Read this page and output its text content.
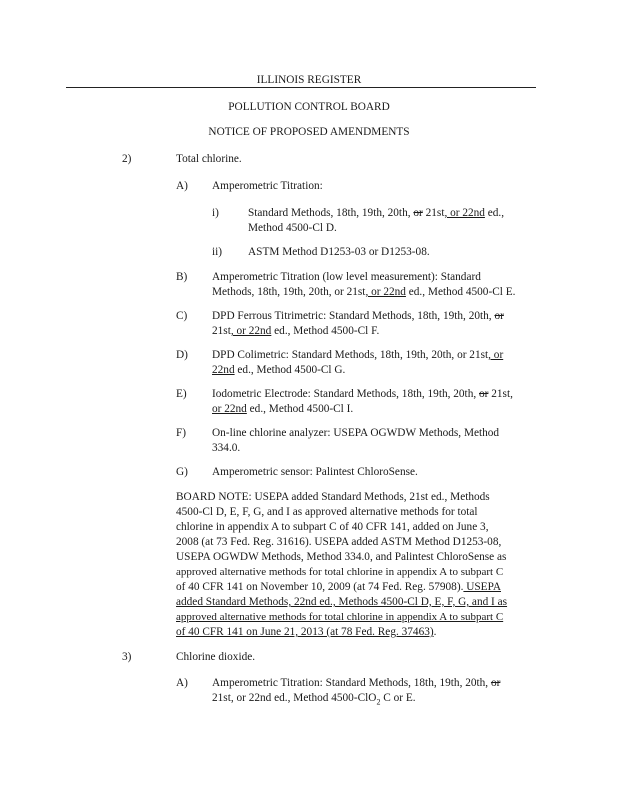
ILLINOIS REGISTER
POLLUTION CONTROL BOARD
NOTICE OF PROPOSED AMENDMENTS
2)	Total chlorine.
A) Amperometric Titration:
i)	Standard Methods, 18th, 19th, 20th, or 21st, or 22nd ed.,
Method 4500-Cl D.
ii) ASTM Method D1253-03 or D1253-08.
B) Amperometric Titration (low level measurement): Standard
Methods, 18th, 19th, 20th, or 21st, or 22nd ed., Method 4500-Cl E.
C) DPD Ferrous Titrimetric: Standard Methods, 18th, 19th, 20th, or
21st, or 22nd ed., Method 4500-Cl F.
D) DPD Colimetric: Standard Methods, 18th, 19th, 20th, or 21st, or
22nd ed., Method 4500-Cl G.
E) Iodometric Electrode: Standard Methods, 18th, 19th, 20th, or 21st,
or 22nd ed., Method 4500-Cl I.
F) On-line chlorine analyzer: USEPA OGWDW Methods, Method
334.0.
G) Amperometric sensor: Palintest ChloroSense.
BOARD NOTE: USEPA added Standard Methods, 21st ed., Methods
4500-Cl D, E, F, G, and I as approved alternative methods for total
chlorine in appendix A to subpart C of 40 CFR 141, added on June 3,
2008 (at 73 Fed. Reg. 31616). USEPA added ASTM Method D1253-08,
USEPA OGWDW Methods, Method 334.0, and Palintest ChloroSense as
approved alternative methods for total chlorine in appendix A to subpart C
of 40 CFR 141 on November 10, 2009 (at 74 Fed. Reg. 57908). USEPA
added Standard Methods, 22nd ed., Methods 4500-Cl D, E, F, G, and I as
approved alternative methods for total chlorine in appendix A to subpart C
of 40 CFR 141 on June 21, 2013 (at 78 Fed. Reg. 37463).
3)	Chlorine dioxide.
A) Amperometric Titration: Standard Methods, 18th, 19th, 20th, or
21st, or 22nd ed., Method 4500-ClO$_2$ C or E.
